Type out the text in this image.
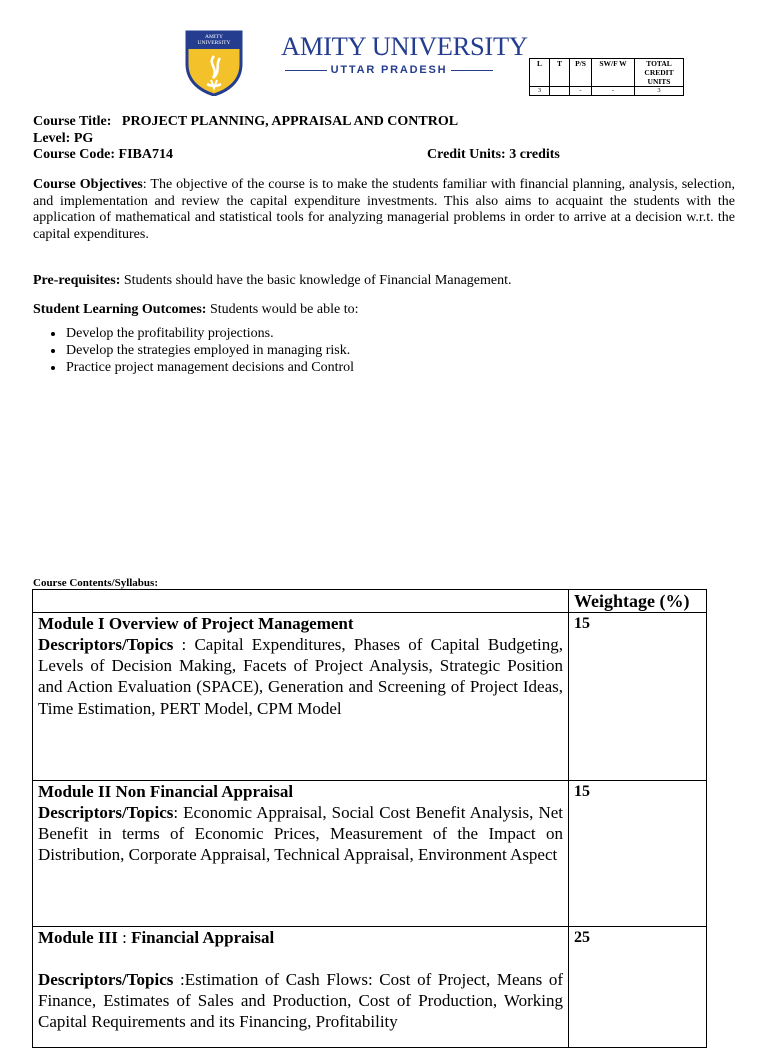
AMITY UNIVERSITY	AMITY UNIVERSITY
UTTAR PRADESH
L	T	P/S	SW/F W	TOTAL CREDIT UNITS
3		-	-	3
Course Title: PROJECT PLANNING, APPRAISAL AND CONTROL
Level: PG
Course Code: FIBA714	Credit Units: 3 credits
Course Objectives: The objective of the course is to make the students familiar with financial planning, analysis, selection, and implementation and review the capital expenditure investments. This also aims to acquaint the students with the application of mathematical and statistical tools for analyzing managerial problems in order to arrive at a decision w.r.t. the capital expenditures.
Pre-requisites: Students should have the basic knowledge of Financial Management.
Student Learning Outcomes: Students would be able to:
• Develop the profitability projections.
• Develop the strategies employed in managing risk.
• Practice project management decisions and Control
Course Contents/Syllabus:
	Weightage (%)

Module I Overview of Project Management
Descriptors/Topics : Capital Expenditures, Phases of Capital Budgeting, Levels of Decision Making, Facets of Project Analysis, Strategic Position and Action Evaluation (SPACE), Generation and Screening of Project Ideas, Time Estimation, PERT Model, CPM Model	15

Module II Non Financial Appraisal
Descriptors/Topics: Economic Appraisal, Social Cost Benefit Analysis, Net Benefit in terms of Economic Prices, Measurement of the Impact on Distribution, Corporate Appraisal, Technical Appraisal, Environment Aspect	15

Module III : Financial Appraisal
Descriptors/Topics :Estimation of Cash Flows: Cost of Project, Means of Finance, Estimates of Sales and Production, Cost of Production, Working Capital Requirements and its Financing, Profitability	25
